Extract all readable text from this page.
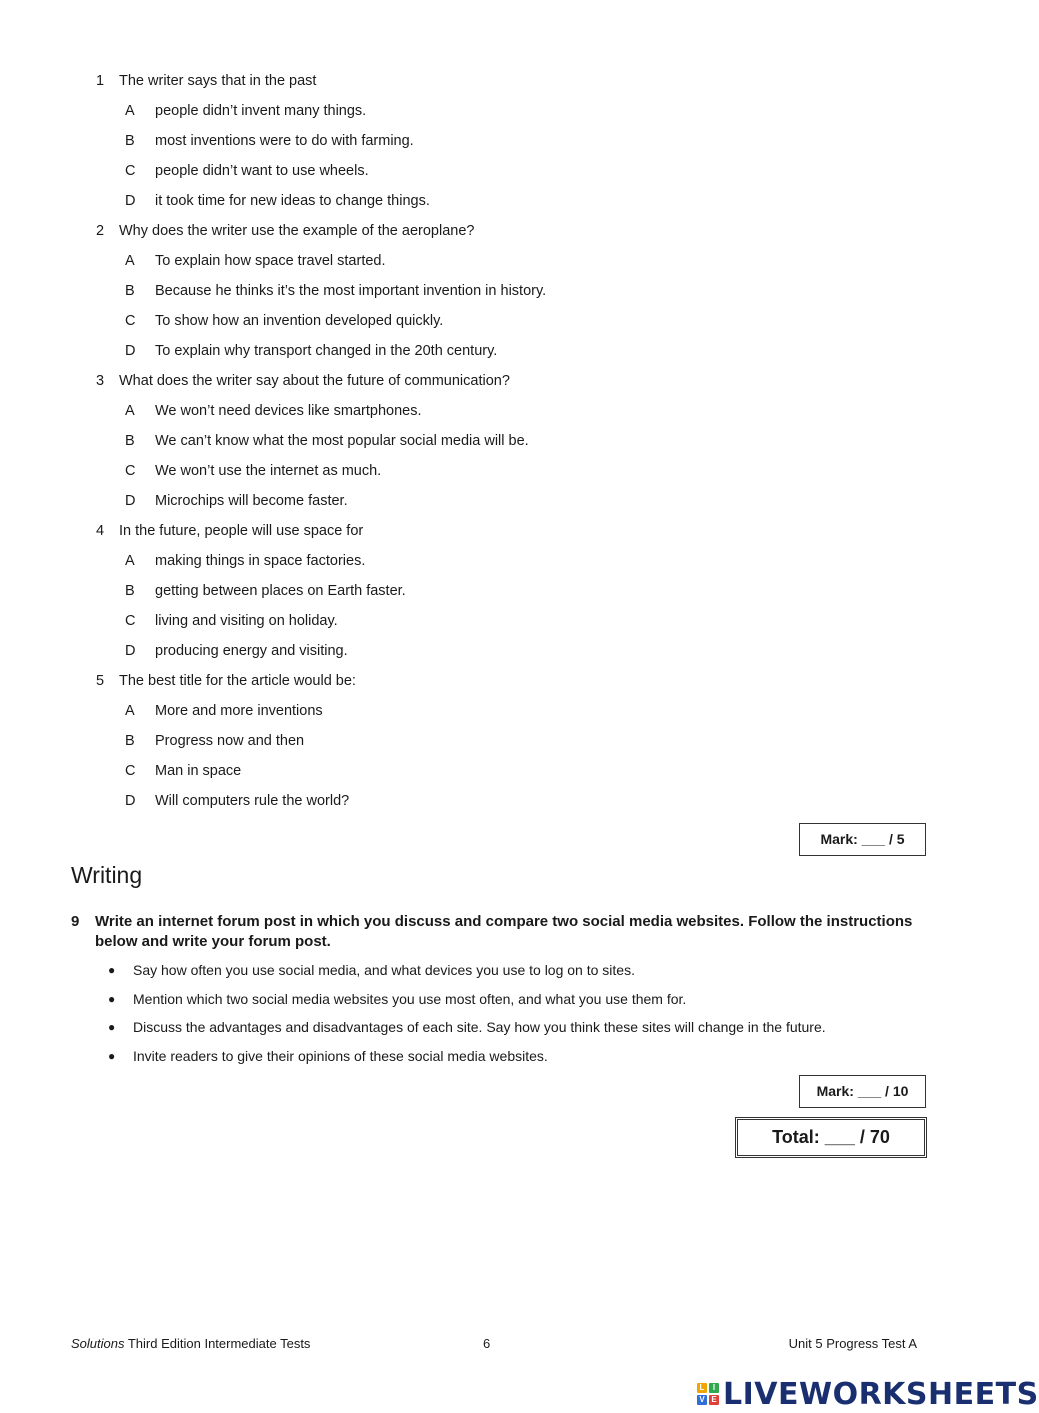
1	The writer says that in the past
A	people didn’t invent many things.
B	most inventions were to do with farming.
C	people didn’t want to use wheels.
D	it took time for new ideas to change things.
2	Why does the writer use the example of the aeroplane?
A	To explain how space travel started.
B	Because he thinks it’s the most important invention in history.
C	To show how an invention developed quickly.
D	To explain why transport changed in the 20th century.
3	What does the writer say about the future of communication?
A	We won’t need devices like smartphones.
B	We can’t know what the most popular social media will be.
C	We won’t use the internet as much.
D	Microchips will become faster.
4	In the future, people will use space for
A	making things in space factories.
B	getting between places on Earth faster.
C	living and visiting on holiday.
D	producing energy and visiting.
5	The best title for the article would be:
A	More and more inventions
B	Progress now and then
C	Man in space
D	Will computers rule the world?
Mark: ___ / 5
Writing
9	Write an internet forum post in which you discuss and compare two social media websites. Follow the instructions below and write your forum post.
●	Say how often you use social media, and what devices you use to log on to sites.
●	Mention which two social media websites you use most often, and what you use them for.
●	Discuss the advantages and disadvantages of each site. Say how you think these sites will change in the future.
●	Invite readers to give their opinions of these social media websites.
Mark: ___ / 10
Total: ___ / 70
Solutions Third Edition Intermediate Tests	6	Unit 5 Progress Test A
L	I
V E LIVEWORKSHEETS
